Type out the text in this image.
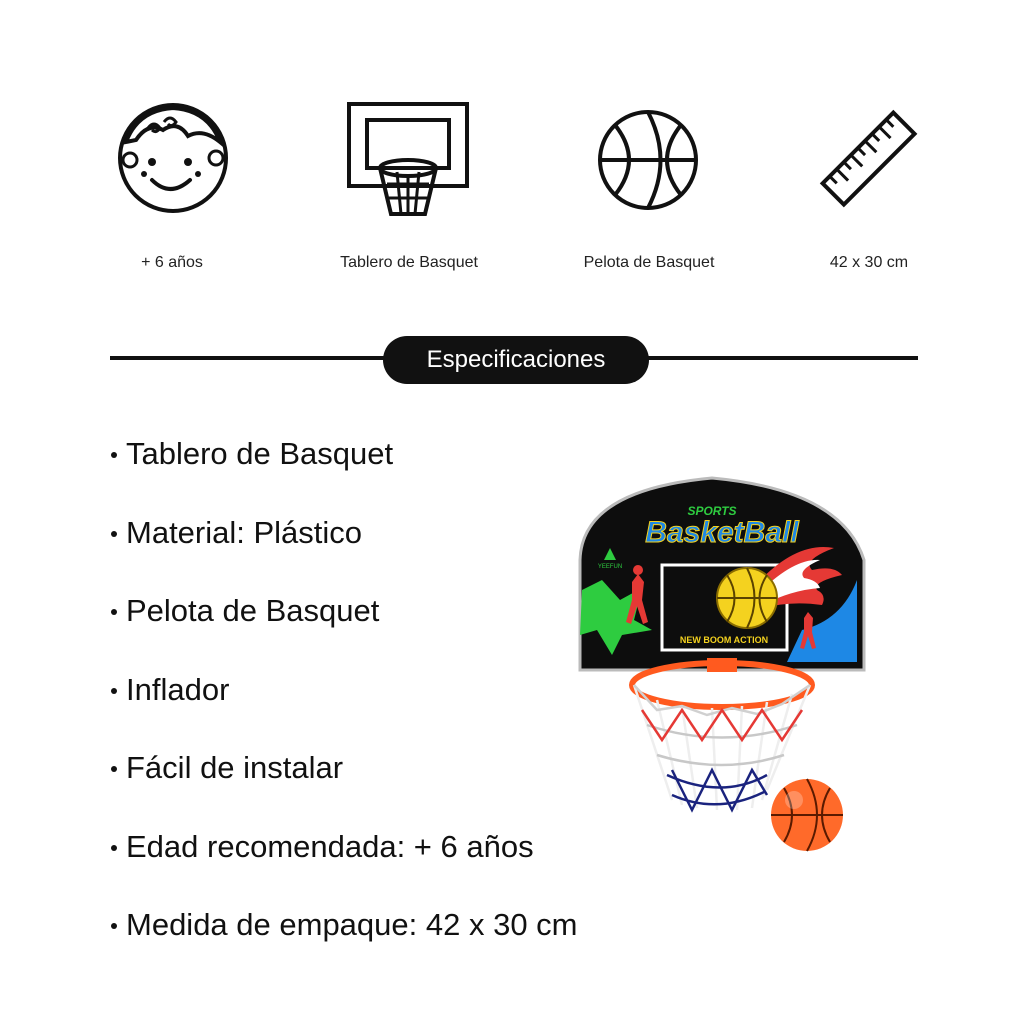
+ 6 años	Tablero de Basquet	Pelota de Basquet	42 x 30 cm
Especificaciones
Tablero de Basquet
Material: Plástico
Pelota de Basquet
Inflador
Fácil de instalar
Edad recomendada: + 6 años
Medida de empaque: 42 x 30 cm
SPORTS
BasketBall
NEW BOOM ACTION
YEEFUN
